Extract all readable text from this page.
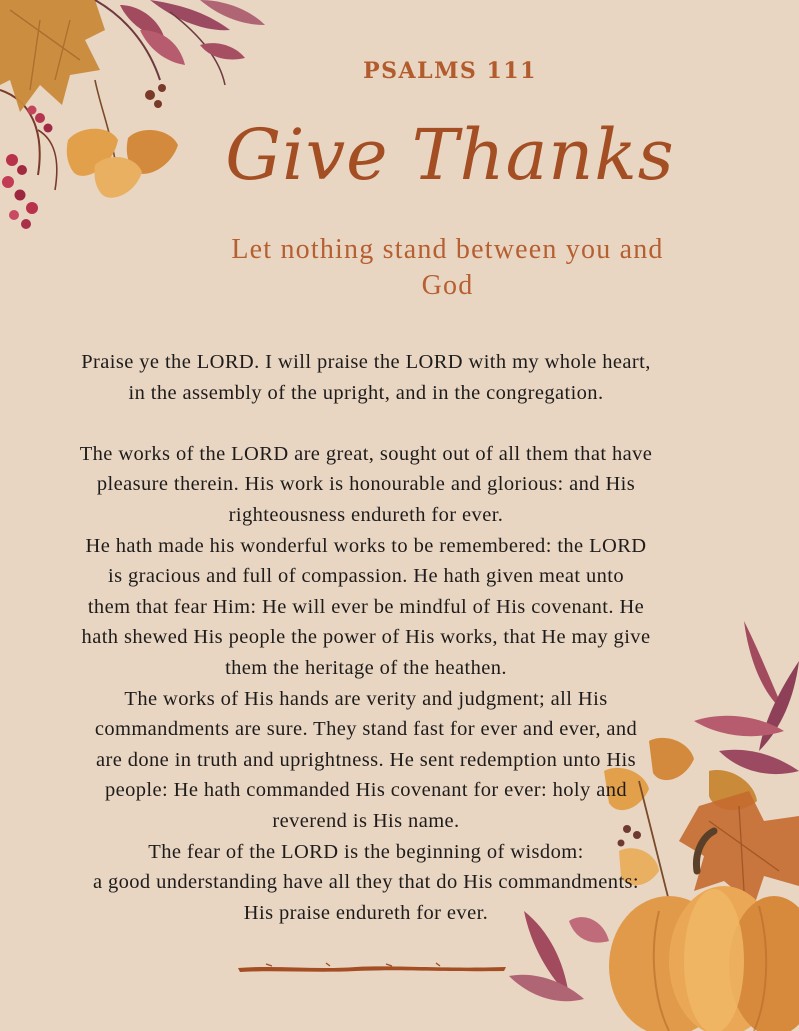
PSALMS 111
Give Thanks
Let nothing stand between you and
God

Praise ye the LORD. I will praise the LORD with my whole heart,

in the assembly of the upright, and in the congregation.

The works of the LORD are great, sought out of all them that have

pleasure therein. His work is honourable and glorious: and His

righteousness endureth for ever.

He hath made his wonderful works to be remembered: the LORD

is gracious and full of compassion. He hath given meat unto

them that fear Him: He will ever be mindful of His covenant. He

hath shewed His people the power of His works, that He may give

them the heritage of the heathen.

The works of His hands are verity and judgment; all His

commandments are sure. They stand fast for ever and ever, and

are done in truth and uprightness. He sent redemption unto His

people: He hath commanded His covenant for ever: holy and

reverend is His name.

The fear of the LORD is the beginning of wisdom:

a good understanding have all they that do His commandments:

His praise endureth for ever.
